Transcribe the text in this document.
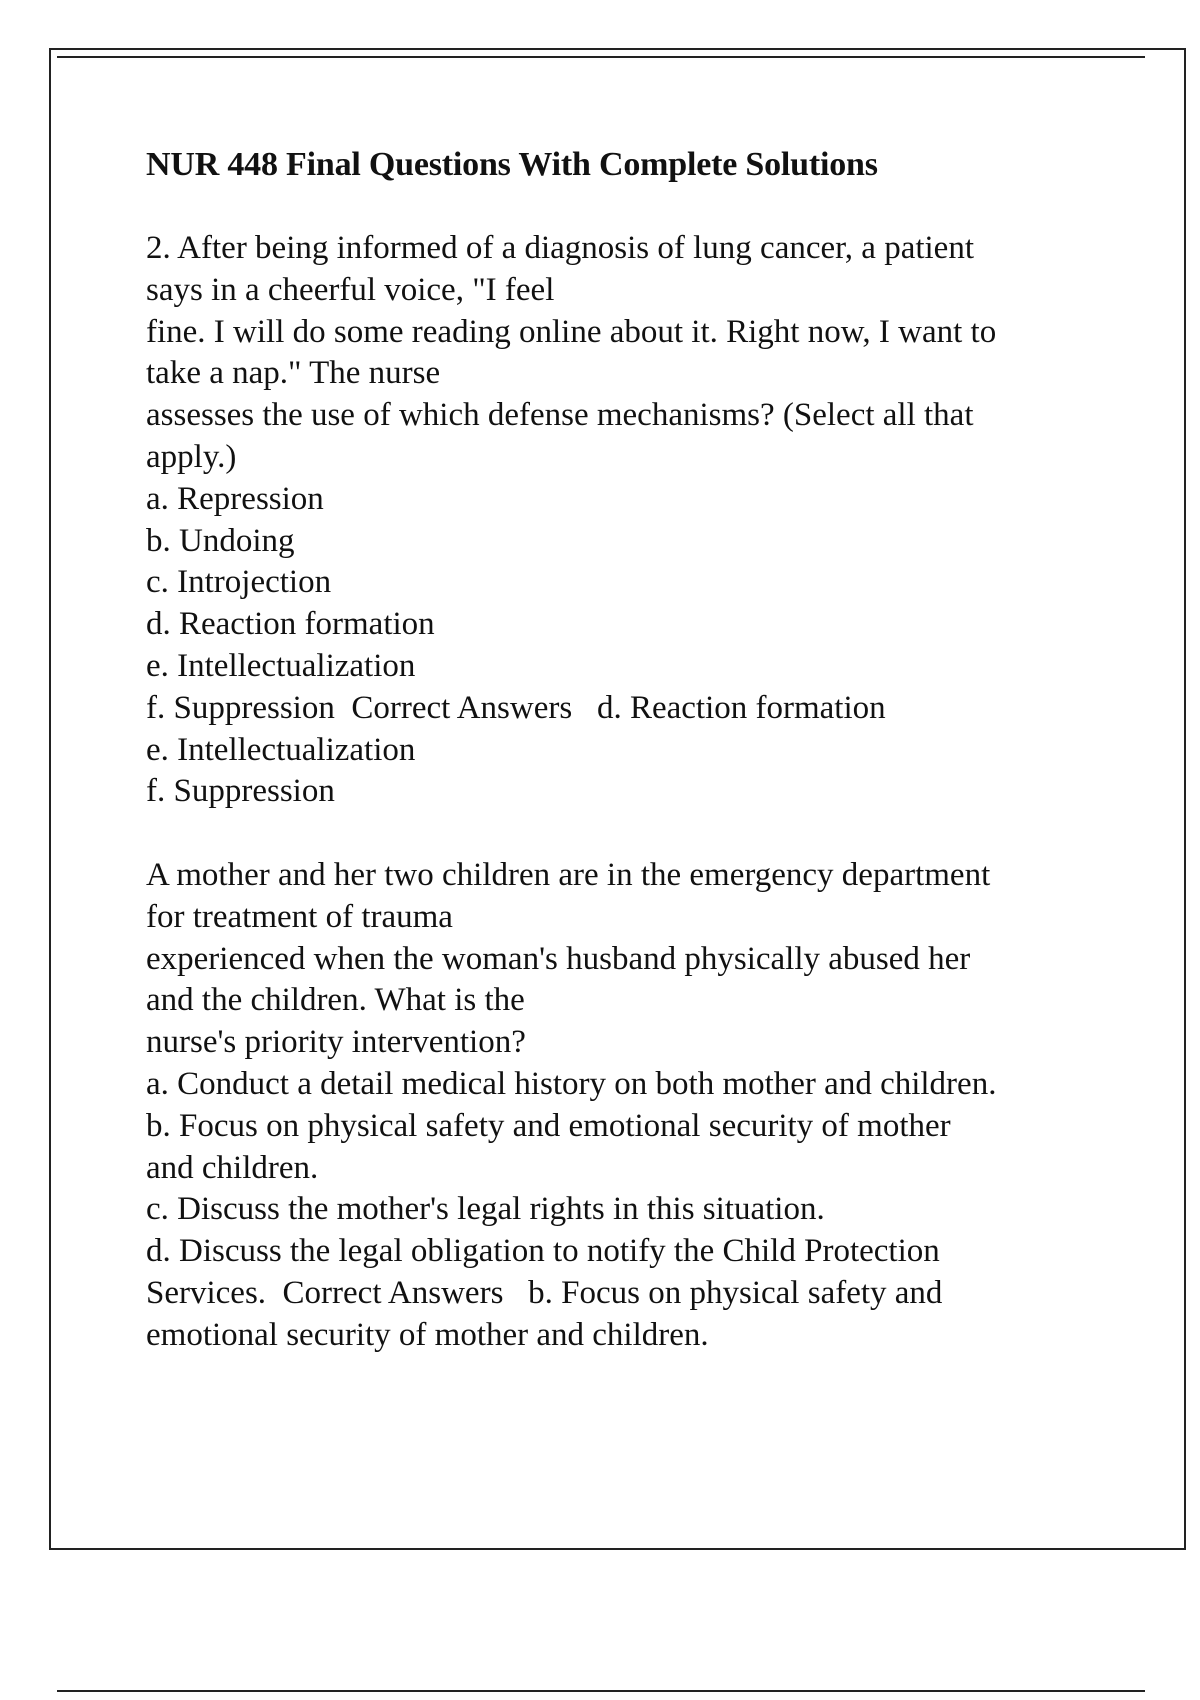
NUR 448 Final Questions With Complete Solutions
2. After being informed of a diagnosis of lung cancer, a patient
says in a cheerful voice, "I feel
fine. I will do some reading online about it. Right now, I want to
take a nap." The nurse
assesses the use of which defense mechanisms? (Select all that
apply.)
a. Repression
b. Undoing
c. Introjection
d. Reaction formation
e. Intellectualization
f. Suppression  Correct Answers   d. Reaction formation
e. Intellectualization
f. Suppression
A mother and her two children are in the emergency department
for treatment of trauma
experienced when the woman's husband physically abused her
and the children. What is the
nurse's priority intervention?
a. Conduct a detail medical history on both mother and children.
b. Focus on physical safety and emotional security of mother
and children.
c. Discuss the mother's legal rights in this situation.
d. Discuss the legal obligation to notify the Child Protection
Services.  Correct Answers   b. Focus on physical safety and
emotional security of mother and children.
